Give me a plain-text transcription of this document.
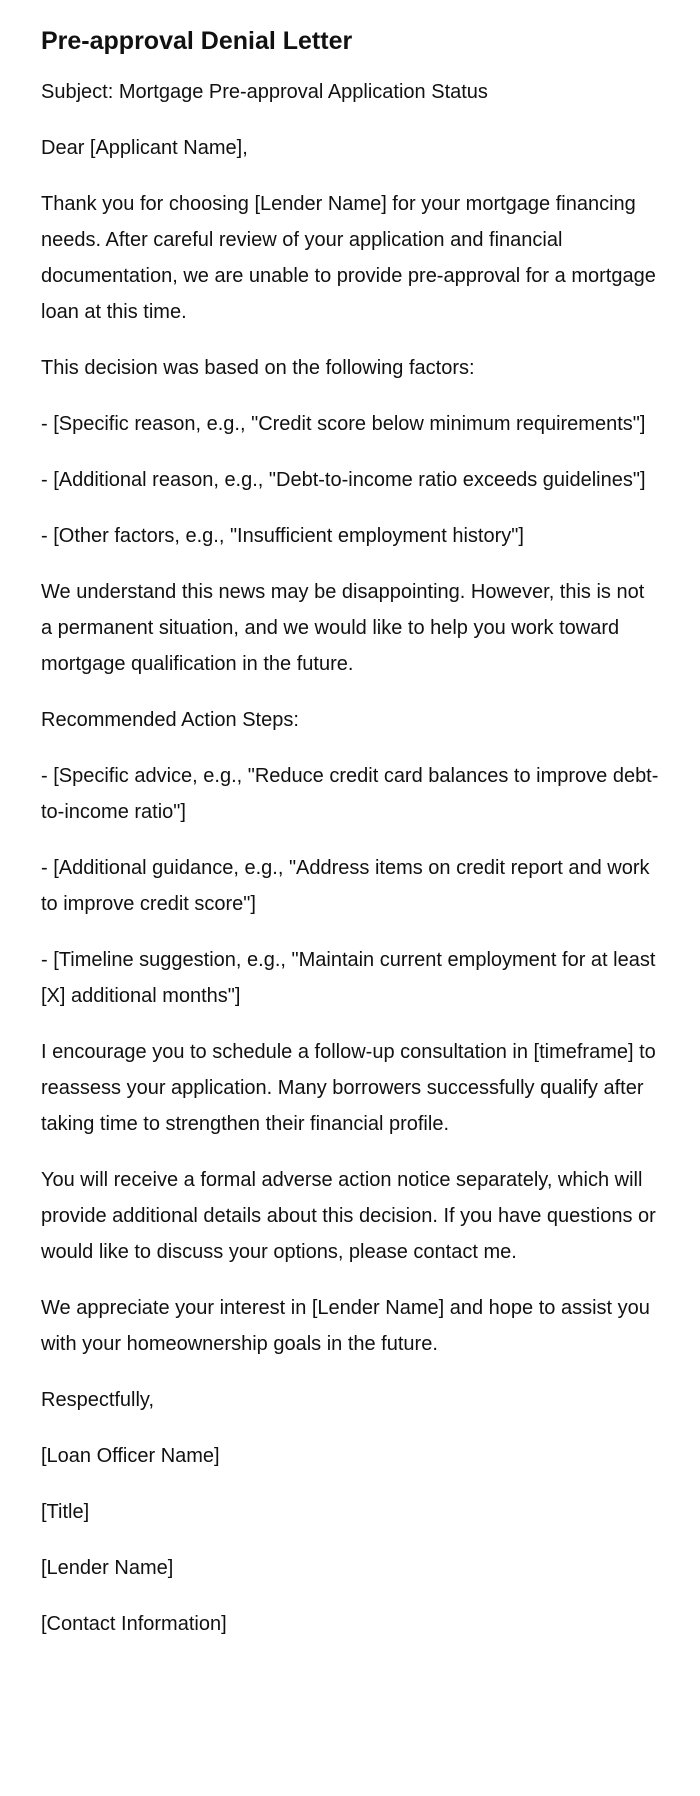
Pre-approval Denial Letter

Subject: Mortgage Pre-approval Application Status

Dear [Applicant Name],

Thank you for choosing [Lender Name] for your mortgage financing needs. After careful review of your application and financial documentation, we are unable to provide pre-approval for a mortgage loan at this time.

This decision was based on the following factors:

- [Specific reason, e.g., "Credit score below minimum requirements"]

- [Additional reason, e.g., "Debt-to-income ratio exceeds guidelines"]

- [Other factors, e.g., "Insufficient employment history"]

We understand this news may be disappointing. However, this is not a permanent situation, and we would like to help you work toward mortgage qualification in the future.

Recommended Action Steps:

- [Specific advice, e.g., "Reduce credit card balances to improve debt-to-income ratio"]

- [Additional guidance, e.g., "Address items on credit report and work to improve credit score"]

- [Timeline suggestion, e.g., "Maintain current employment for at least [X] additional months"]

I encourage you to schedule a follow-up consultation in [timeframe] to reassess your application. Many borrowers successfully qualify after taking time to strengthen their financial profile.

You will receive a formal adverse action notice separately, which will provide additional details about this decision. If you have questions or would like to discuss your options, please contact me.

We appreciate your interest in [Lender Name] and hope to assist you with your homeownership goals in the future.

Respectfully,

[Loan Officer Name]

[Title]

[Lender Name]

[Contact Information]
